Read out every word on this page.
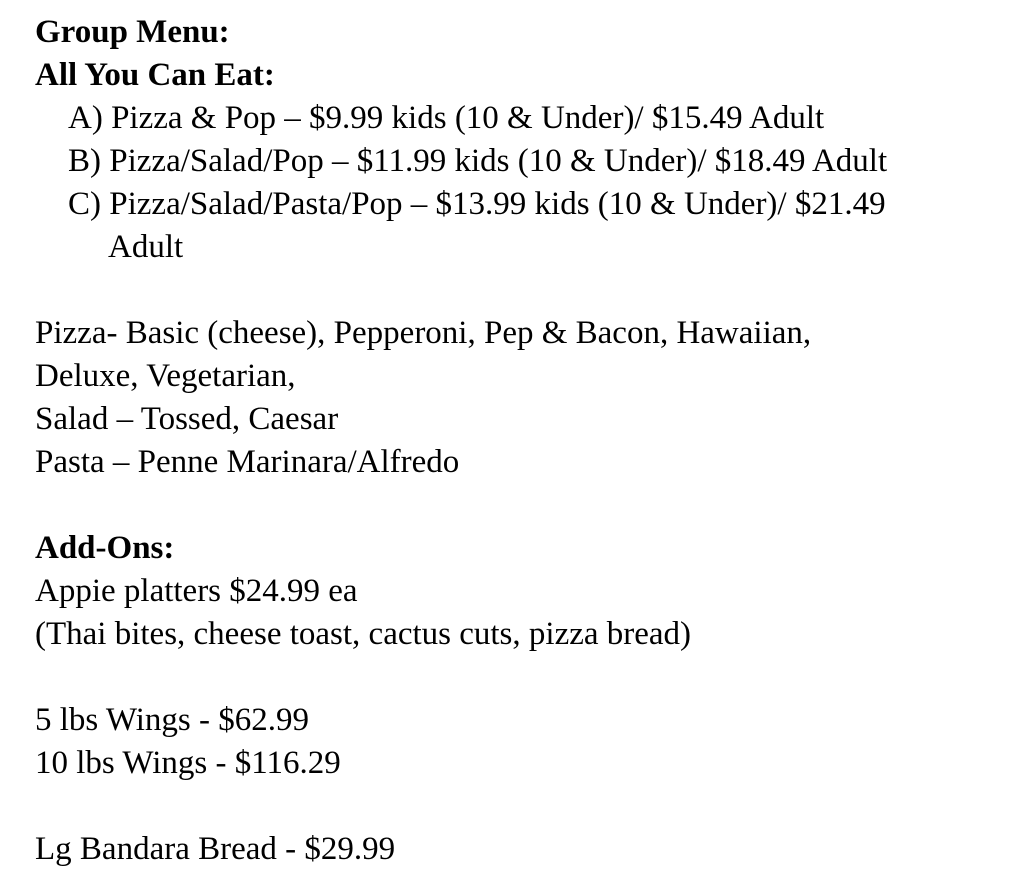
Group Menu:

All You Can Eat:

A) Pizza & Pop – $9.99 kids (10 & Under)/ $15.49 Adult

B) Pizza/Salad/Pop – $11.99 kids (10 & Under)/ $18.49 Adult

C) Pizza/Salad/Pasta/Pop – $13.99 kids (10 & Under)/ $21.49

Adult

Pizza- Basic (cheese), Pepperoni, Pep & Bacon, Hawaiian,

Deluxe, Vegetarian,

Salad – Tossed, Caesar

Pasta – Penne Marinara/Alfredo

Add-Ons:

Appie platters $24.99 ea

(Thai bites, cheese toast, cactus cuts, pizza bread)

5 lbs Wings - $62.99

10 lbs Wings - $116.29

Lg Bandara Bread - $29.99
